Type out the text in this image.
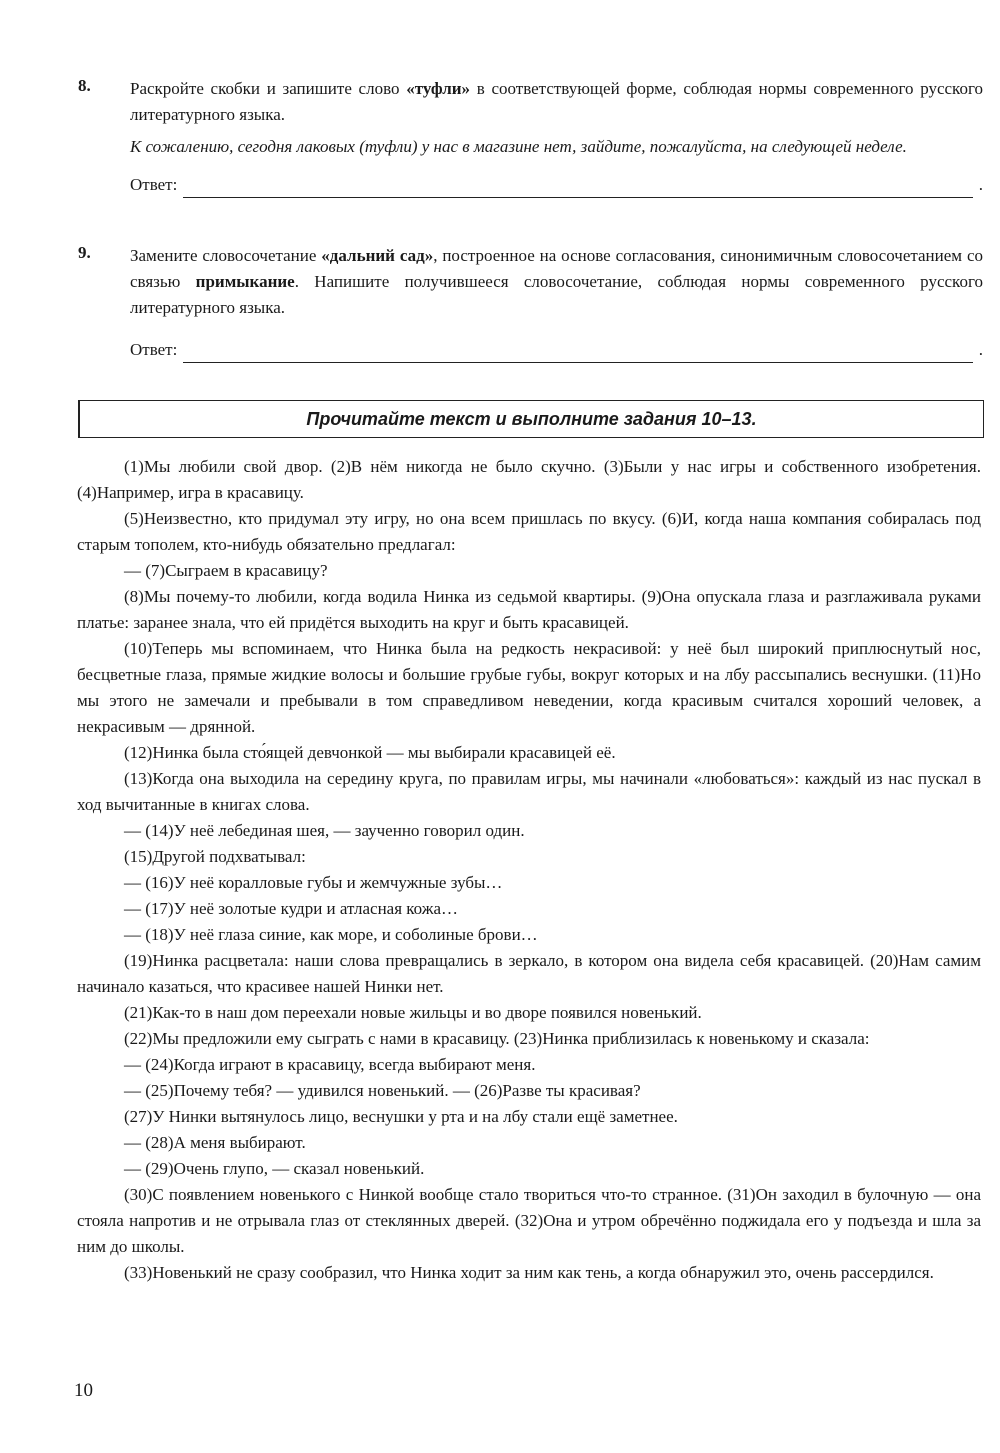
8. Раскройте скобки и запишите слово «туфли» в соответствующей форме, соблюдая нормы современного русского литературного языка.

К сожалению, сегодня лаковых (туфли) у нас в магазине нет, зайдите, пожалуйста, на следующей неделе.

Ответ:	.
9. Замените словосочетание «дальний сад», построенное на основе согласования, синонимичным словосочетанием со связью примыкание. Напишите получившееся словосочетание, соблюдая нормы современного русского литературного языка.

Ответ:	.
Прочитайте текст и выполните задания 10–13.

(1)Мы любили свой двор. (2)В нём никогда не было скучно. (3)Были у нас игры и собственного изобретения. (4)Например, игра в красавицу.

(5)Неизвестно, кто придумал эту игру, но она всем пришлась по вкусу. (6)И, когда наша компания собиралась под старым тополем, кто-нибудь обязательно предлагал:

— (7)Сыграем в красавицу?

(8)Мы почему-то любили, когда водила Нинка из седьмой квартиры. (9)Она опускала глаза и разглаживала руками платье: заранее знала, что ей придётся выходить на круг и быть красавицей.

(10)Теперь мы вспоминаем, что Нинка была на редкость некрасивой: у неё был широкий приплюснутый нос, бесцветные глаза, прямые жидкие волосы и большие грубые губы, вокруг которых и на лбу рассыпались веснушки. (11)Но мы этого не замечали и пребывали в том справедливом неведении, когда красивым считался хороший человек, а некрасивым — дрянной.

(12)Нинка была сто́ящей девчонкой — мы выбирали красавицей её.

(13)Когда она выходила на середину круга, по правилам игры, мы начинали «любоваться»: каждый из нас пускал в ход вычитанные в книгах слова.

— (14)У неё лебединая шея, — заученно говорил один.

(15)Другой подхватывал:

— (16)У неё коралловые губы и жемчужные зубы…

— (17)У неё золотые кудри и атласная кожа…

— (18)У неё глаза синие, как море, и соболиные брови…

(19)Нинка расцветала: наши слова превращались в зеркало, в котором она видела себя красавицей. (20)Нам самим начинало казаться, что красивее нашей Нинки нет.

(21)Как-то в наш дом переехали новые жильцы и во дворе появился новенький.

(22)Мы предложили ему сыграть с нами в красавицу. (23)Нинка приблизилась к новенькому и сказала:

— (24)Когда играют в красавицу, всегда выбирают меня.

— (25)Почему тебя? — удивился новенький. — (26)Разве ты красивая?

(27)У Нинки вытянулось лицо, веснушки у рта и на лбу стали ещё заметнее.

— (28)А меня выбирают.

— (29)Очень глупо, — сказал новенький.

(30)С появлением новенького с Нинкой вообще стало твориться что-то странное. (31)Он заходил в булочную — она стояла напротив и не отрывала глаз от стеклянных дверей. (32)Она и утром обречённо поджидала его у подъезда и шла за ним до школы.

(33)Новенький не сразу сообразил, что Нинка ходит за ним как тень, а когда обнаружил это, очень рассердился.

10
